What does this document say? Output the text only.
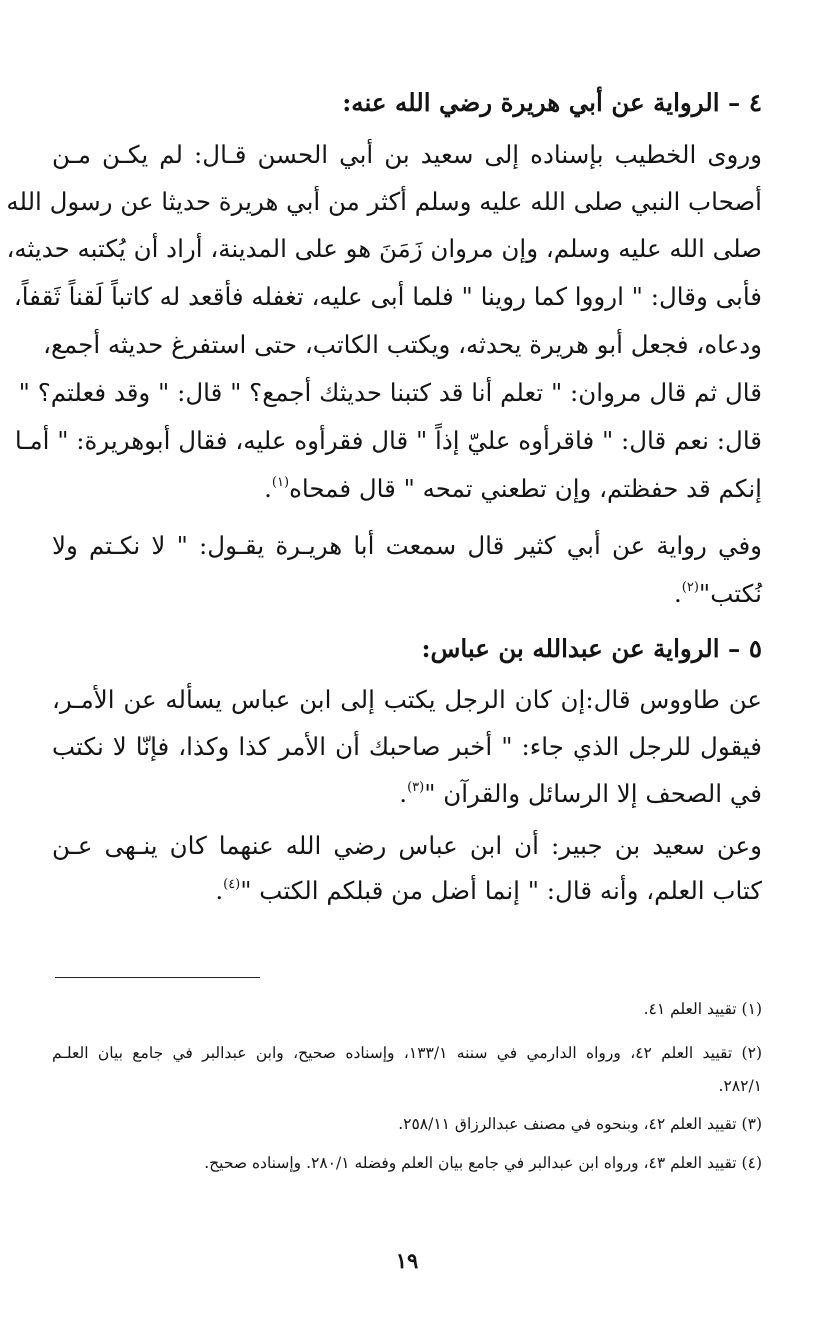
٤ – الرواية عن أبي هريرة رضي الله عنه:
وروى الخطيب بإسناده إلى سعيد بن أبي الحسن قـال: لم يكـن مـن
أصحاب النبي صلى الله عليه وسلم أكثر من أبي هريرة حديثا عن رسول الله
صلى الله عليه وسلم، وإن مروان زَمَنَ هو على المدينة، أراد أن يُكتبه حديثه،
فأبى وقال: " ارووا كما روينا " فلما أبى عليه، تغفله فأقعد له كاتباً لَقناً ثَقفاً،
ودعاه، فجعل أبو هريرة يحدثه، ويكتب الكاتب، حتى استفرغ حديثه أجمع،
قال ثم قال مروان: " تعلم أنا قد كتبنا حديثك أجمع؟ " قال: " وقد فعلتم؟ "
قال: نعم قال: " فاقرأوه عليّ إذاً " قال فقرأوه عليه، فقال أبوهريرة: " أمـا
إنكم قد حفظتم، وإن تطعني تمحه " قال فمحاه$^{(١)}$.
وفي رواية عن أبي كثير قال سمعت أبا هريـرة يقـول: " لا نكـتم ولا
نُكتب"$^{(٢)}$.
٥ – الرواية عن عبدالله بن عباس:
عن طاووس قال:إن كان الرجل يكتب إلى ابن عباس يسأله عن الأمـر،
فيقول للرجل الذي جاء: " أخبر صاحبك أن الأمر كذا وكذا، فإنّا لا نكتب
في الصحف إلا الرسائل والقرآن "$^{(٣)}$.
وعن سعيد بن جبير: أن ابن عباس رضي الله عنهما كان ينـهى عـن
كتاب العلم، وأنه قال: " إنما أضل من قبلكم الكتب "$^{(٤)}$.
(١) تقييد العلم ٤١.
(٢) تقييد العلم ٤٢، ورواه الدارمي في سننه ١٣٣/١، وإسناده صحيح، وابن عبدالبر في جامع بيان العلـم
٢٨٢/١.
(٣) تقييد العلم ٤٢، وبنحوه في مصنف عبدالرزاق ٢٥٨/١١.
(٤) تقييد العلم ٤٣، ورواه ابن عبدالبر في جامع بيان العلم وفضله ٢٨٠/١. وإسناده صحيح.
١٩
